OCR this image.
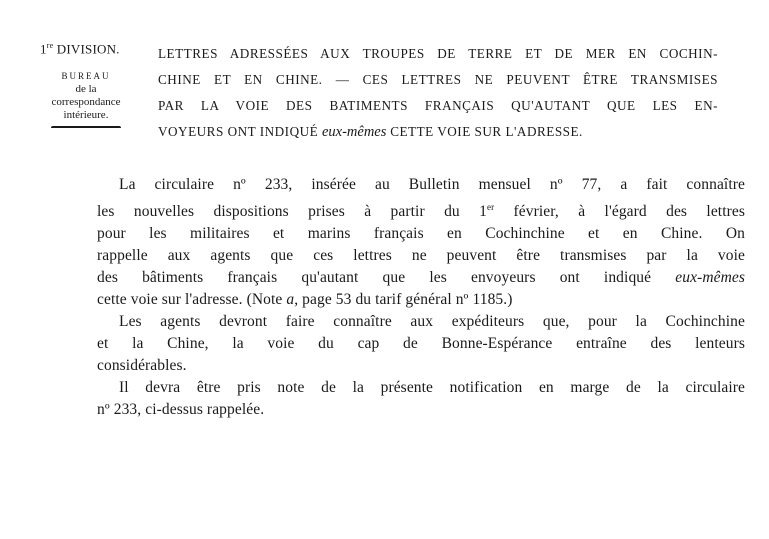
1re DIVISION.
BUREAU
de la
correspondance
intérieure.
LETTRES ADRESSÉES AUX TROUPES DE TERRE ET DE MER EN COCHIN-
CHINE ET EN CHINE. — CES LETTRES NE PEUVENT ÊTRE TRANSMISES
PAR LA VOIE DES BATIMENTS FRANÇAIS QU'AUTANT QUE LES EN-
VOYEURS ONT INDIQUÉ eux-mêmes CETTE VOIE SUR L'ADRESSE.
La circulaire nº 233, insérée au Bulletin mensuel nº 77, a fait connaître
les nouvelles dispositions prises à partir du 1er février, à l'égard des lettres
pour les militaires et marins français en Cochinchine et en Chine. On
rappelle aux agents que ces lettres ne peuvent être transmises par la voie
des bâtiments français qu'autant que les envoyeurs ont indiqué eux-mêmes
cette voie sur l'adresse. (Note a, page 53 du tarif général nº 1185.)
Les agents devront faire connaître aux expéditeurs que, pour la Cochinchine
et la Chine, la voie du cap de Bonne-Espérance entraîne des lenteurs
considérables.
Il devra être pris note de la présente notification en marge de la circulaire
nº 233, ci-dessus rappelée.
